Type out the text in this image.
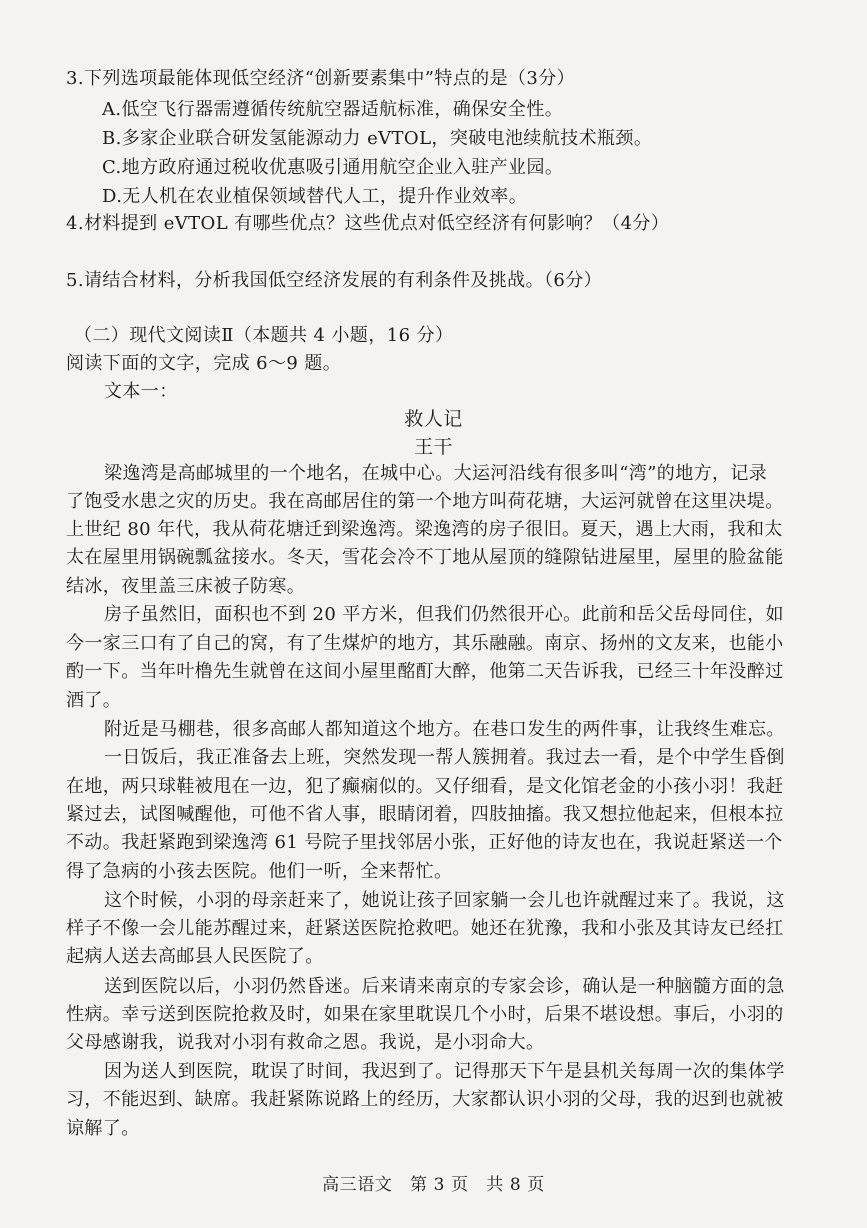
3.下列选项最能体现低空经济“创新要素集中”特点的是（3分）
A.低空飞行器需遵循传统航空器适航标准，确保安全性。
B.多家企业联合研发氢能源动力 eVTOL，突破电池续航技术瓶颈。
C.地方政府通过税收优惠吸引通用航空企业入驻产业园。
D.无人机在农业植保领域替代人工，提升作业效率。
4.材料提到 eVTOL 有哪些优点？这些优点对低空经济有何影响？（4分）
5.请结合材料，分析我国低空经济发展的有利条件及挑战。（6分）
（二）现代文阅读Ⅱ（本题共 4 小题，16 分）
阅读下面的文字，完成 6～9 题。
文本一：
救人记
王干
梁逸湾是高邮城里的一个地名，在城中心。大运河沿线有很多叫“湾”的地方，记录
了饱受水患之灾的历史。我在高邮居住的第一个地方叫荷花塘，大运河就曾在这里决堤。
上世纪 80 年代，我从荷花塘迁到梁逸湾。梁逸湾的房子很旧。夏天，遇上大雨，我和太
太在屋里用锅碗瓢盆接水。冬天，雪花会冷不丁地从屋顶的缝隙钻进屋里，屋里的脸盆能
结冰，夜里盖三床被子防寒。
房子虽然旧，面积也不到 20 平方米，但我们仍然很开心。此前和岳父岳母同住，如
今一家三口有了自己的窝，有了生煤炉的地方，其乐融融。南京、扬州的文友来，也能小
酌一下。当年叶橹先生就曾在这间小屋里酩酊大醉，他第二天告诉我，已经三十年没醉过
酒了。
附近是马棚巷，很多高邮人都知道这个地方。在巷口发生的两件事，让我终生难忘。
一日饭后，我正准备去上班，突然发现一帮人簇拥着。我过去一看，是个中学生昏倒
在地，两只球鞋被甩在一边，犯了癫痫似的。又仔细看，是文化馆老金的小孩小羽！我赶
紧过去，试图喊醒他，可他不省人事，眼睛闭着，四肢抽搐。我又想拉他起来，但根本拉
不动。我赶紧跑到梁逸湾 61 号院子里找邻居小张，正好他的诗友也在，我说赶紧送一个
得了急病的小孩去医院。他们一听，全来帮忙。
这个时候，小羽的母亲赶来了，她说让孩子回家躺一会儿也许就醒过来了。我说，这
样子不像一会儿能苏醒过来，赶紧送医院抢救吧。她还在犹豫，我和小张及其诗友已经扛
起病人送去高邮县人民医院了。
送到医院以后，小羽仍然昏迷。后来请来南京的专家会诊，确认是一种脑髓方面的急
性病。幸亏送到医院抢救及时，如果在家里耽误几个小时，后果不堪设想。事后，小羽的
父母感谢我，说我对小羽有救命之恩。我说，是小羽命大。
因为送人到医院，耽误了时间，我迟到了。记得那天下午是县机关每周一次的集体学
习，不能迟到、缺席。我赶紧陈说路上的经历，大家都认识小羽的父母，我的迟到也就被
谅解了。
高三语文　第 3 页　共 8 页
